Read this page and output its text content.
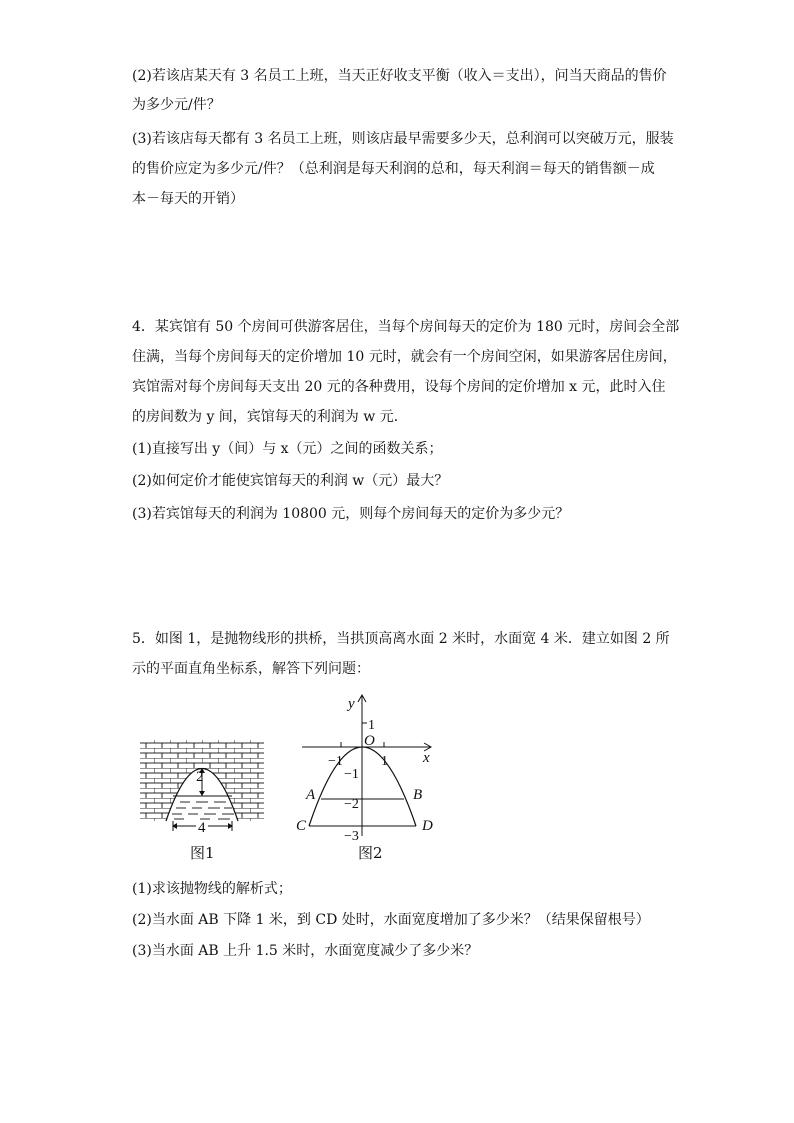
(2)若该店某天有 3 名员工上班，当天正好收支平衡（收入＝支出），问当天商品的售价
为多少元/件？
(3)若该店每天都有 3 名员工上班，则该店最早需要多少天，总利润可以突破万元，服装
的售价应定为多少元/件？（总利润是每天利润的总和，每天利润＝每天的销售额－成
本－每天的开销）
4．某宾馆有 50 个房间可供游客居住，当每个房间每天的定价为 180 元时，房间会全部
住满，当每个房间每天的定价增加 10 元时，就会有一个房间空闲，如果游客居住房间，
宾馆需对每个房间每天支出 20 元的各种费用，设每个房间的定价增加 x 元，此时入住
的房间数为 y 间，宾馆每天的利润为 w 元．
(1)直接写出 y（间）与 x（元）之间的函数关系；
(2)如何定价才能使宾馆每天的利润 w（元）最大？
(3)若宾馆每天的利润为 10800 元，则每个房间每天的定价为多少元？
5．如图 1，是抛物线形的拱桥，当拱顶高离水面 2 米时，水面宽 4 米．建立如图 2 所
示的平面直角坐标系，解答下列问题：
2
4
图1
y
x
1
O
−1	1
−1
−2
−3
A	B
C	D
图2
(1)求该抛物线的解析式；
(2)当水面 AB 下降 1 米，到 CD 处时，水面宽度增加了多少米？（结果保留根号）
(3)当水面 AB 上升 1.5 米时，水面宽度减少了多少米？
